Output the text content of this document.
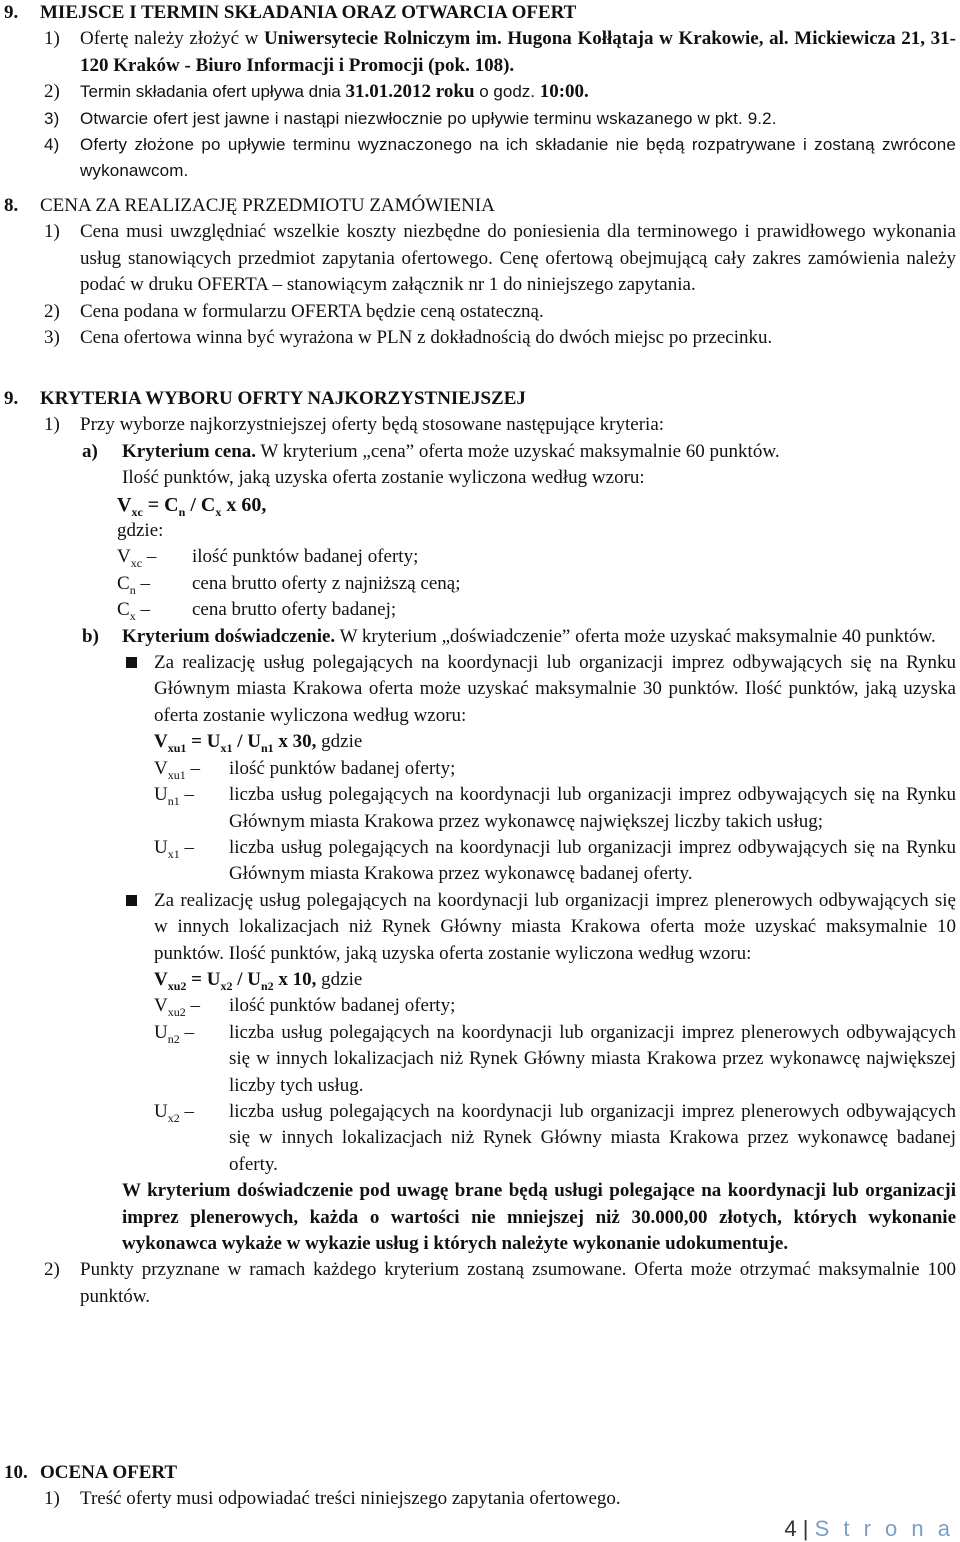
9. MIEJSCE I TERMIN SKŁADANIA ORAZ OTWARCIA OFERT
1) Ofertę należy złożyć w Uniwersytecie Rolniczym im. Hugona Kołłątaja w Krakowie, al. Mickiewicza 21, 31-120 Kraków - Biuro Informacji i Promocji (pok. 108).
2) Termin składania ofert upływa dnia 31.01.2012 roku o godz. 10:00.
3) Otwarcie ofert jest jawne i nastąpi niezwłocznie po upływie terminu wskazanego w pkt. 9.2.
4) Oferty złożone po upływie terminu wyznaczonego na ich składanie nie będą rozpatrywane i zostaną zwrócone wykonawcom.
8. CENA ZA REALIZACJĘ PRZEDMIOTU ZAMÓWIENIA
1) Cena musi uwzględniać wszelkie koszty niezbędne do poniesienia dla terminowego i prawidłowego wykonania usług stanowiących przedmiot zapytania ofertowego. Cenę ofertową obejmującą cały zakres zamówienia należy podać w druku OFERTA – stanowiącym załącznik nr 1 do niniejszego zapytania.
2) Cena podana w formularzu OFERTA będzie ceną ostateczną.
3) Cena ofertowa winna być wyrażona w PLN z dokładnością do dwóch miejsc po przecinku.
9. KRYTERIA WYBORU OFRTY NAJKORZYSTNIEJSZEJ
1) Przy wyborze najkorzystniejszej oferty będą stosowane następujące kryteria:
a) Kryterium cena. W kryterium „cena” oferta może uzyskać maksymalnie 60 punktów.
Ilość punktów, jaką uzyska oferta zostanie wyliczona według wzoru:
$V_{xc} = C_n / C_x$ x 60,
gdzie:
$V_{xc}$ – ilość punktów badanej oferty;
$C_n$ – cena brutto oferty z najniższą ceną;
$C_x$ – cena brutto oferty badanej;
b) Kryterium doświadczenie. W kryterium „doświadczenie” oferta może uzyskać maksymalnie 40 punktów.
Za realizację usług polegających na koordynacji lub organizacji imprez odbywających się na Rynku Głównym miasta Krakowa oferta może uzyskać maksymalnie 30 punktów. Ilość punktów, jaką uzyska oferta zostanie wyliczona według wzoru:
$V_{xu1} = U_{x1} / U_{n1}$ x 30, gdzie
$V_{xu1}$ – ilość punktów badanej oferty;
$U_{n1}$ – liczba usług polegających na koordynacji lub organizacji imprez odbywających się na Rynku Głównym miasta Krakowa przez wykonawcę największej liczby takich usług;
$U_{x1}$ – liczba usług polegających na koordynacji lub organizacji imprez odbywających się na Rynku Głównym miasta Krakowa przez wykonawcę badanej oferty.
Za realizację usług polegających na koordynacji lub organizacji imprez plenerowych odbywających się w innych lokalizacjach niż Rynek Główny miasta Krakowa oferta może uzyskać maksymalnie 10 punktów. Ilość punktów, jaką uzyska oferta zostanie wyliczona według wzoru:
$V_{xu2} = U_{x2} / U_{n2}$ x 10, gdzie
$V_{xu2}$ – ilość punktów badanej oferty;
$U_{n2}$ – liczba usług polegających na koordynacji lub organizacji imprez plenerowych odbywających się w innych lokalizacjach niż Rynek Główny miasta Krakowa przez wykonawcę największej liczby tych usług.
$U_{x2}$ – liczba usług polegających na koordynacji lub organizacji imprez plenerowych odbywających się w innych lokalizacjach niż Rynek Główny miasta Krakowa przez wykonawcę badanej oferty.
W kryterium doświadczenie pod uwagę brane będą usługi polegające na koordynacji lub organizacji imprez plenerowych, każda o wartości nie mniejszej niż 30.000,00 złotych, których wykonanie wykonawca wykaże w wykazie usług i których należyte wykonanie udokumentuje.
2) Punkty przyznane w ramach każdego kryterium zostaną zsumowane. Oferta może otrzymać maksymalnie 100 punktów.
10. OCENA OFERT
1) Treść oferty musi odpowiadać treści niniejszego zapytania ofertowego.
4 | S t r o n a
